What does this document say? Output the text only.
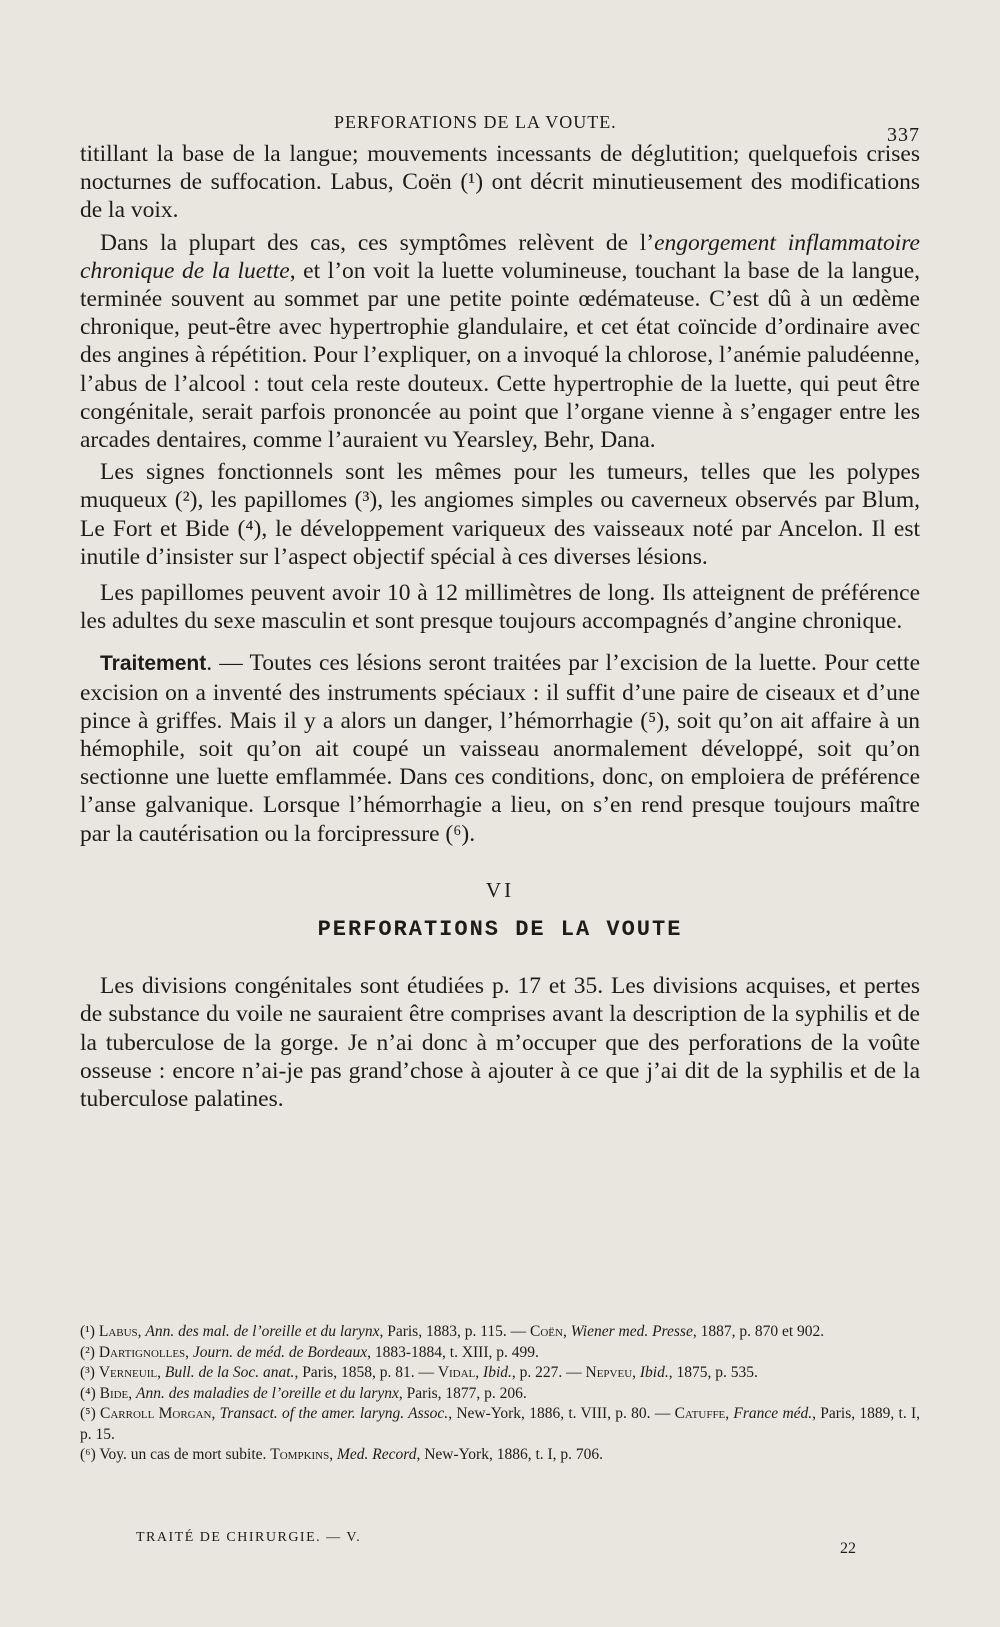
PERFORATIONS DE LA VOUTE.
337

titillant la base de la langue; mouvements incessants de déglutition; quelquefois crises nocturnes de suffocation. Labus, Coën (¹) ont décrit minutieusement des modifications de la voix.

Dans la plupart des cas, ces symptômes relèvent de l’engorgement inflammatoire chronique de la luette, et l’on voit la luette volumineuse, touchant la base de la langue, terminée souvent au sommet par une petite pointe œdémateuse. C’est dû à un œdème chronique, peut-être avec hypertrophie glandulaire, et cet état coïncide d’ordinaire avec des angines à répétition. Pour l’expliquer, on a invoqué la chlorose, l’anémie paludéenne, l’abus de l’alcool : tout cela reste douteux. Cette hypertrophie de la luette, qui peut être congénitale, serait parfois prononcée au point que l’organe vienne à s’engager entre les arcades dentaires, comme l’auraient vu Yearsley, Behr, Dana.

Les signes fonctionnels sont les mêmes pour les tumeurs, telles que les polypes muqueux (²), les papillomes (³), les angiomes simples ou caverneux observés par Blum, Le Fort et Bide (⁴), le développement variqueux des vaisseaux noté par Ancelon. Il est inutile d’insister sur l’aspect objectif spécial à ces diverses lésions.

Les papillomes peuvent avoir 10 à 12 millimètres de long. Ils atteignent de préférence les adultes du sexe masculin et sont presque toujours accompagnés d’angine chronique.

Traitement. — Toutes ces lésions seront traitées par l’excision de la luette. Pour cette excision on a inventé des instruments spéciaux : il suffit d’une paire de ciseaux et d’une pince à griffes. Mais il y a alors un danger, l’hémorrhagie (⁵), soit qu’on ait affaire à un hémophile, soit qu’on ait coupé un vaisseau anormalement développé, soit qu’on sectionne une luette emflammée. Dans ces conditions, donc, on emploiera de préférence l’anse galvanique. Lorsque l’hémorrhagie a lieu, on s’en rend presque toujours maître par la cautérisation ou la forcipressure (⁶).

VI
PERFORATIONS DE LA VOUTE

Les divisions congénitales sont étudiées p. 17 et 35. Les divisions acquises, et pertes de substance du voile ne sauraient être comprises avant la description de la syphilis et de la tuberculose de la gorge. Je n’ai donc à m’occuper que des perforations de la voûte osseuse : encore n’ai-je pas grand’chose à ajouter à ce que j’ai dit de la syphilis et de la tuberculose palatines.

(¹) Labus, Ann. des mal. de l’oreille et du larynx, Paris, 1883, p. 115. — Coën, Wiener med. Presse, 1887, p. 870 et 902.

(²) Dartignolles, Journ. de méd. de Bordeaux, 1883-1884, t. XIII, p. 499.

(³) Verneuil, Bull. de la Soc. anat., Paris, 1858, p. 81. — Vidal, Ibid., p. 227. — Nepveu, Ibid., 1875, p. 535.

(⁴) Bide, Ann. des maladies de l’oreille et du larynx, Paris, 1877, p. 206.

(⁵) Carroll Morgan, Transact. of the amer. laryng. Assoc., New-York, 1886, t. VIII, p. 80. — Catuffe, France méd., Paris, 1889, t. I, p. 15.

(⁶) Voy. un cas de mort subite. Tompkins, Med. Record, New-York, 1886, t. I, p. 706.

TRAITÉ DE CHIRURGIE. — V.
22
